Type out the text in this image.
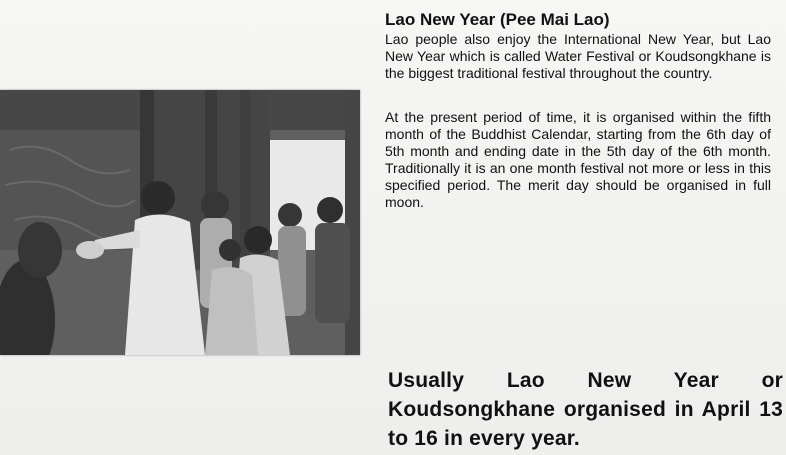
Lao New Year (Pee Mai Lao)

Lao people also enjoy the International New Year, but Lao New Year which is called Water Festival or Koudsongkhane is the biggest traditional festival throughout the country.

At the present period of time, it is organised within the fifth month of the Buddhist Calendar, starting from the 6th day of 5th month and ending date in the 5th day of the 6th month. Traditionally it is an one month festival not more or less in this specified period. The merit day should be organised in full moon.

Usually Lao New Year or Koudsongkhane organised in April 13 to 16 in every year.
